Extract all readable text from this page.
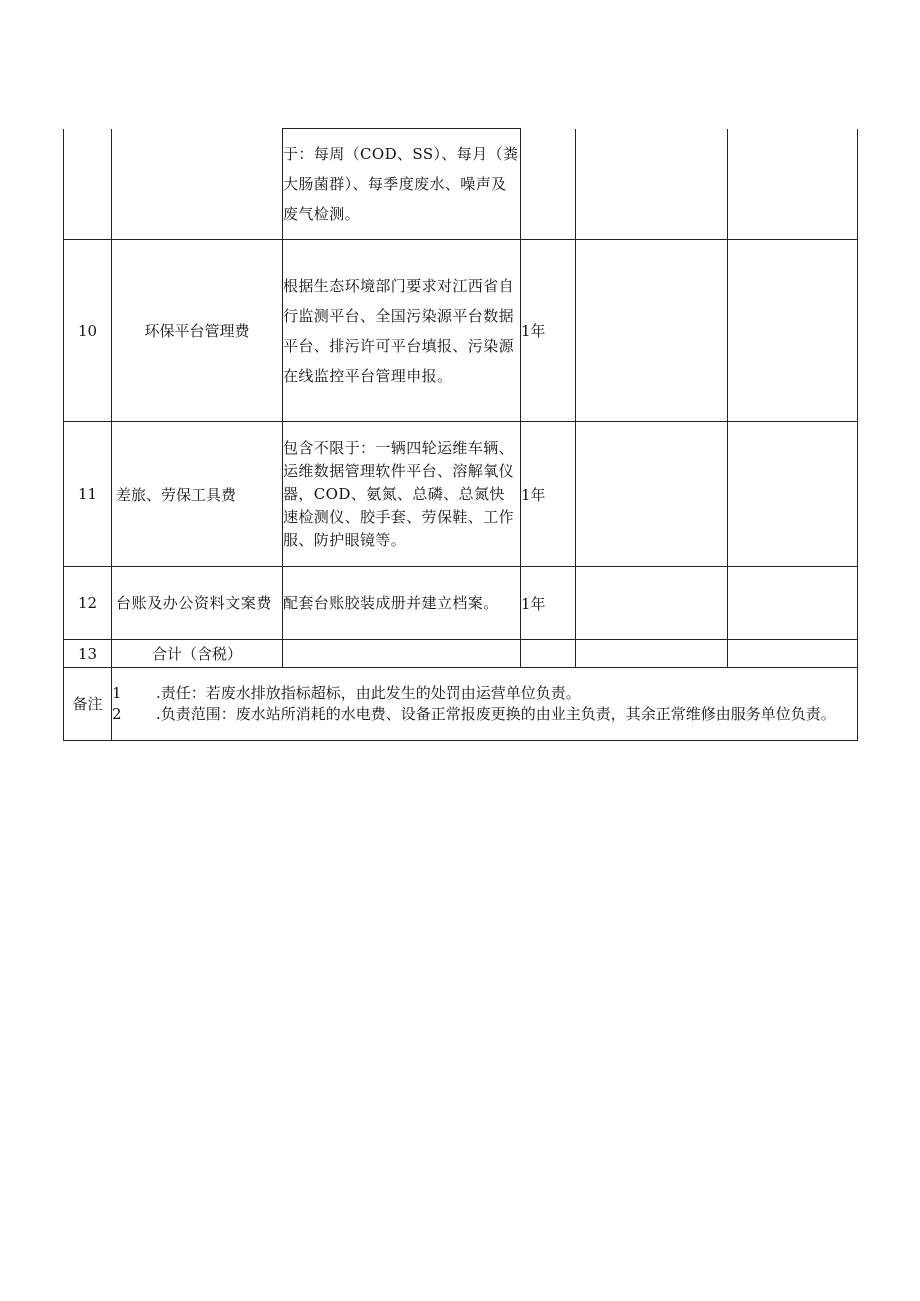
		于：每周（COD、SS）、每月（粪大肠菌群）、每季度废水、噪声及废气检测。			

10	环保平台管理费	根据生态环境部门要求对江西省自行监测平台、全国污染源平台数据平台、排污许可平台填报、污染源在线监控平台管理申报。	1年		
11	差旅、劳保工具费	包含不限于：一辆四轮运维车辆、运维数据管理软件平台、溶解氧仪器，COD、氨氮、总磷、总氮快速检测仪、胶手套、劳保鞋、工作服、防护眼镜等。	1年		
12	台账及办公资料文案费	配套台账胶装成册并建立档案。	1年		
13	合计（含税）				
备注	1 .责任：若废水排放指标超标，由此发生的处罚由运营单位负责。
2 .负责范围：废水站所消耗的水电费、设备正常报废更换的由业主负责，其余正常维修由服务单位负责。				
